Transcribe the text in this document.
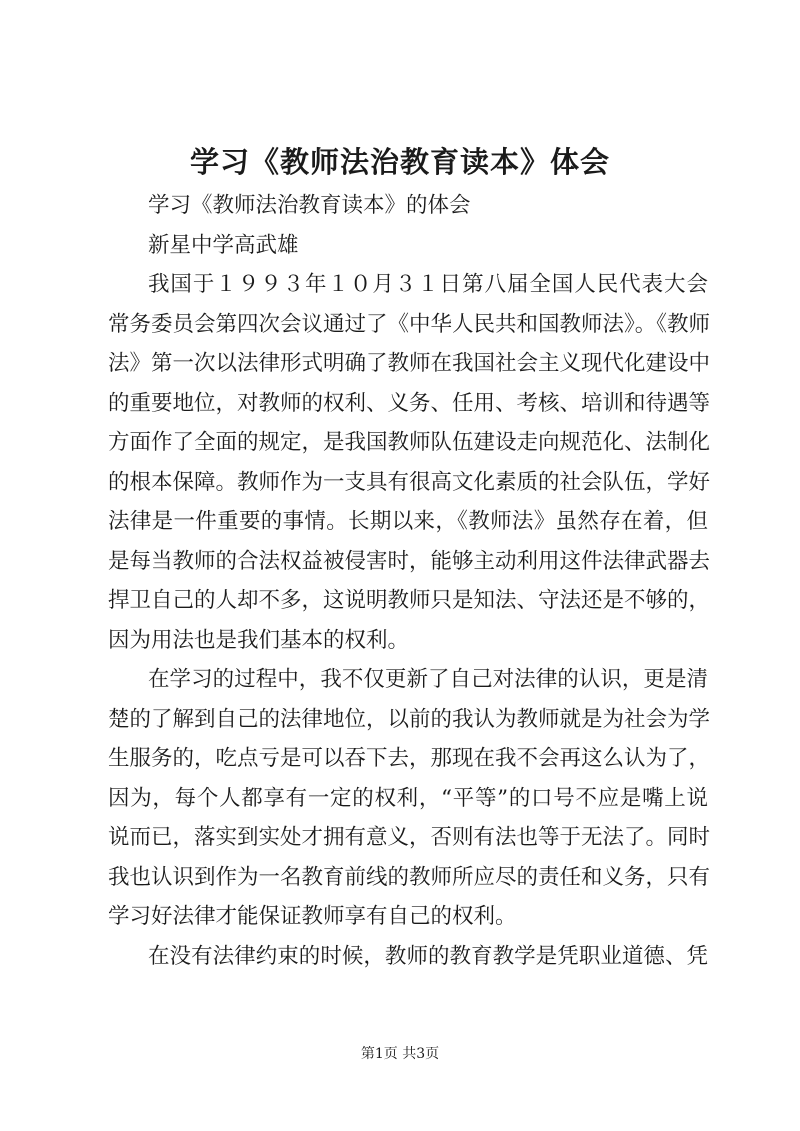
学习《教师法治教育读本》体会
学习《教师法治教育读本》的体会
新星中学高武雄
我国于１９９３年１０月３１日第八届全国人民代表大会
常务委员会第四次会议通过了《中华人民共和国教师法》。《教师
法》第一次以法律形式明确了教师在我国社会主义现代化建设中
的重要地位，对教师的权利、义务、任用、考核、培训和待遇等
方面作了全面的规定，是我国教师队伍建设走向规范化、法制化
的根本保障。教师作为一支具有很高文化素质的社会队伍，学好
法律是一件重要的事情。长期以来，《教师法》虽然存在着，但
是每当教师的合法权益被侵害时，能够主动利用这件法律武器去
捍卫自己的人却不多，这说明教师只是知法、守法还是不够的，
因为用法也是我们基本的权利。
在学习的过程中，我不仅更新了自己对法律的认识，更是清
楚的了解到自己的法律地位，以前的我认为教师就是为社会为学
生服务的，吃点亏是可以吞下去，那现在我不会再这么认为了，
因为，每个人都享有一定的权利，“平等”的口号不应是嘴上说
说而已，落实到实处才拥有意义，否则有法也等于无法了。同时
我也认识到作为一名教育前线的教师所应尽的责任和义务，只有
学习好法律才能保证教师享有自己的权利。
在没有法律约束的时候，教师的教育教学是凭职业道德、凭
第1页 共3页
